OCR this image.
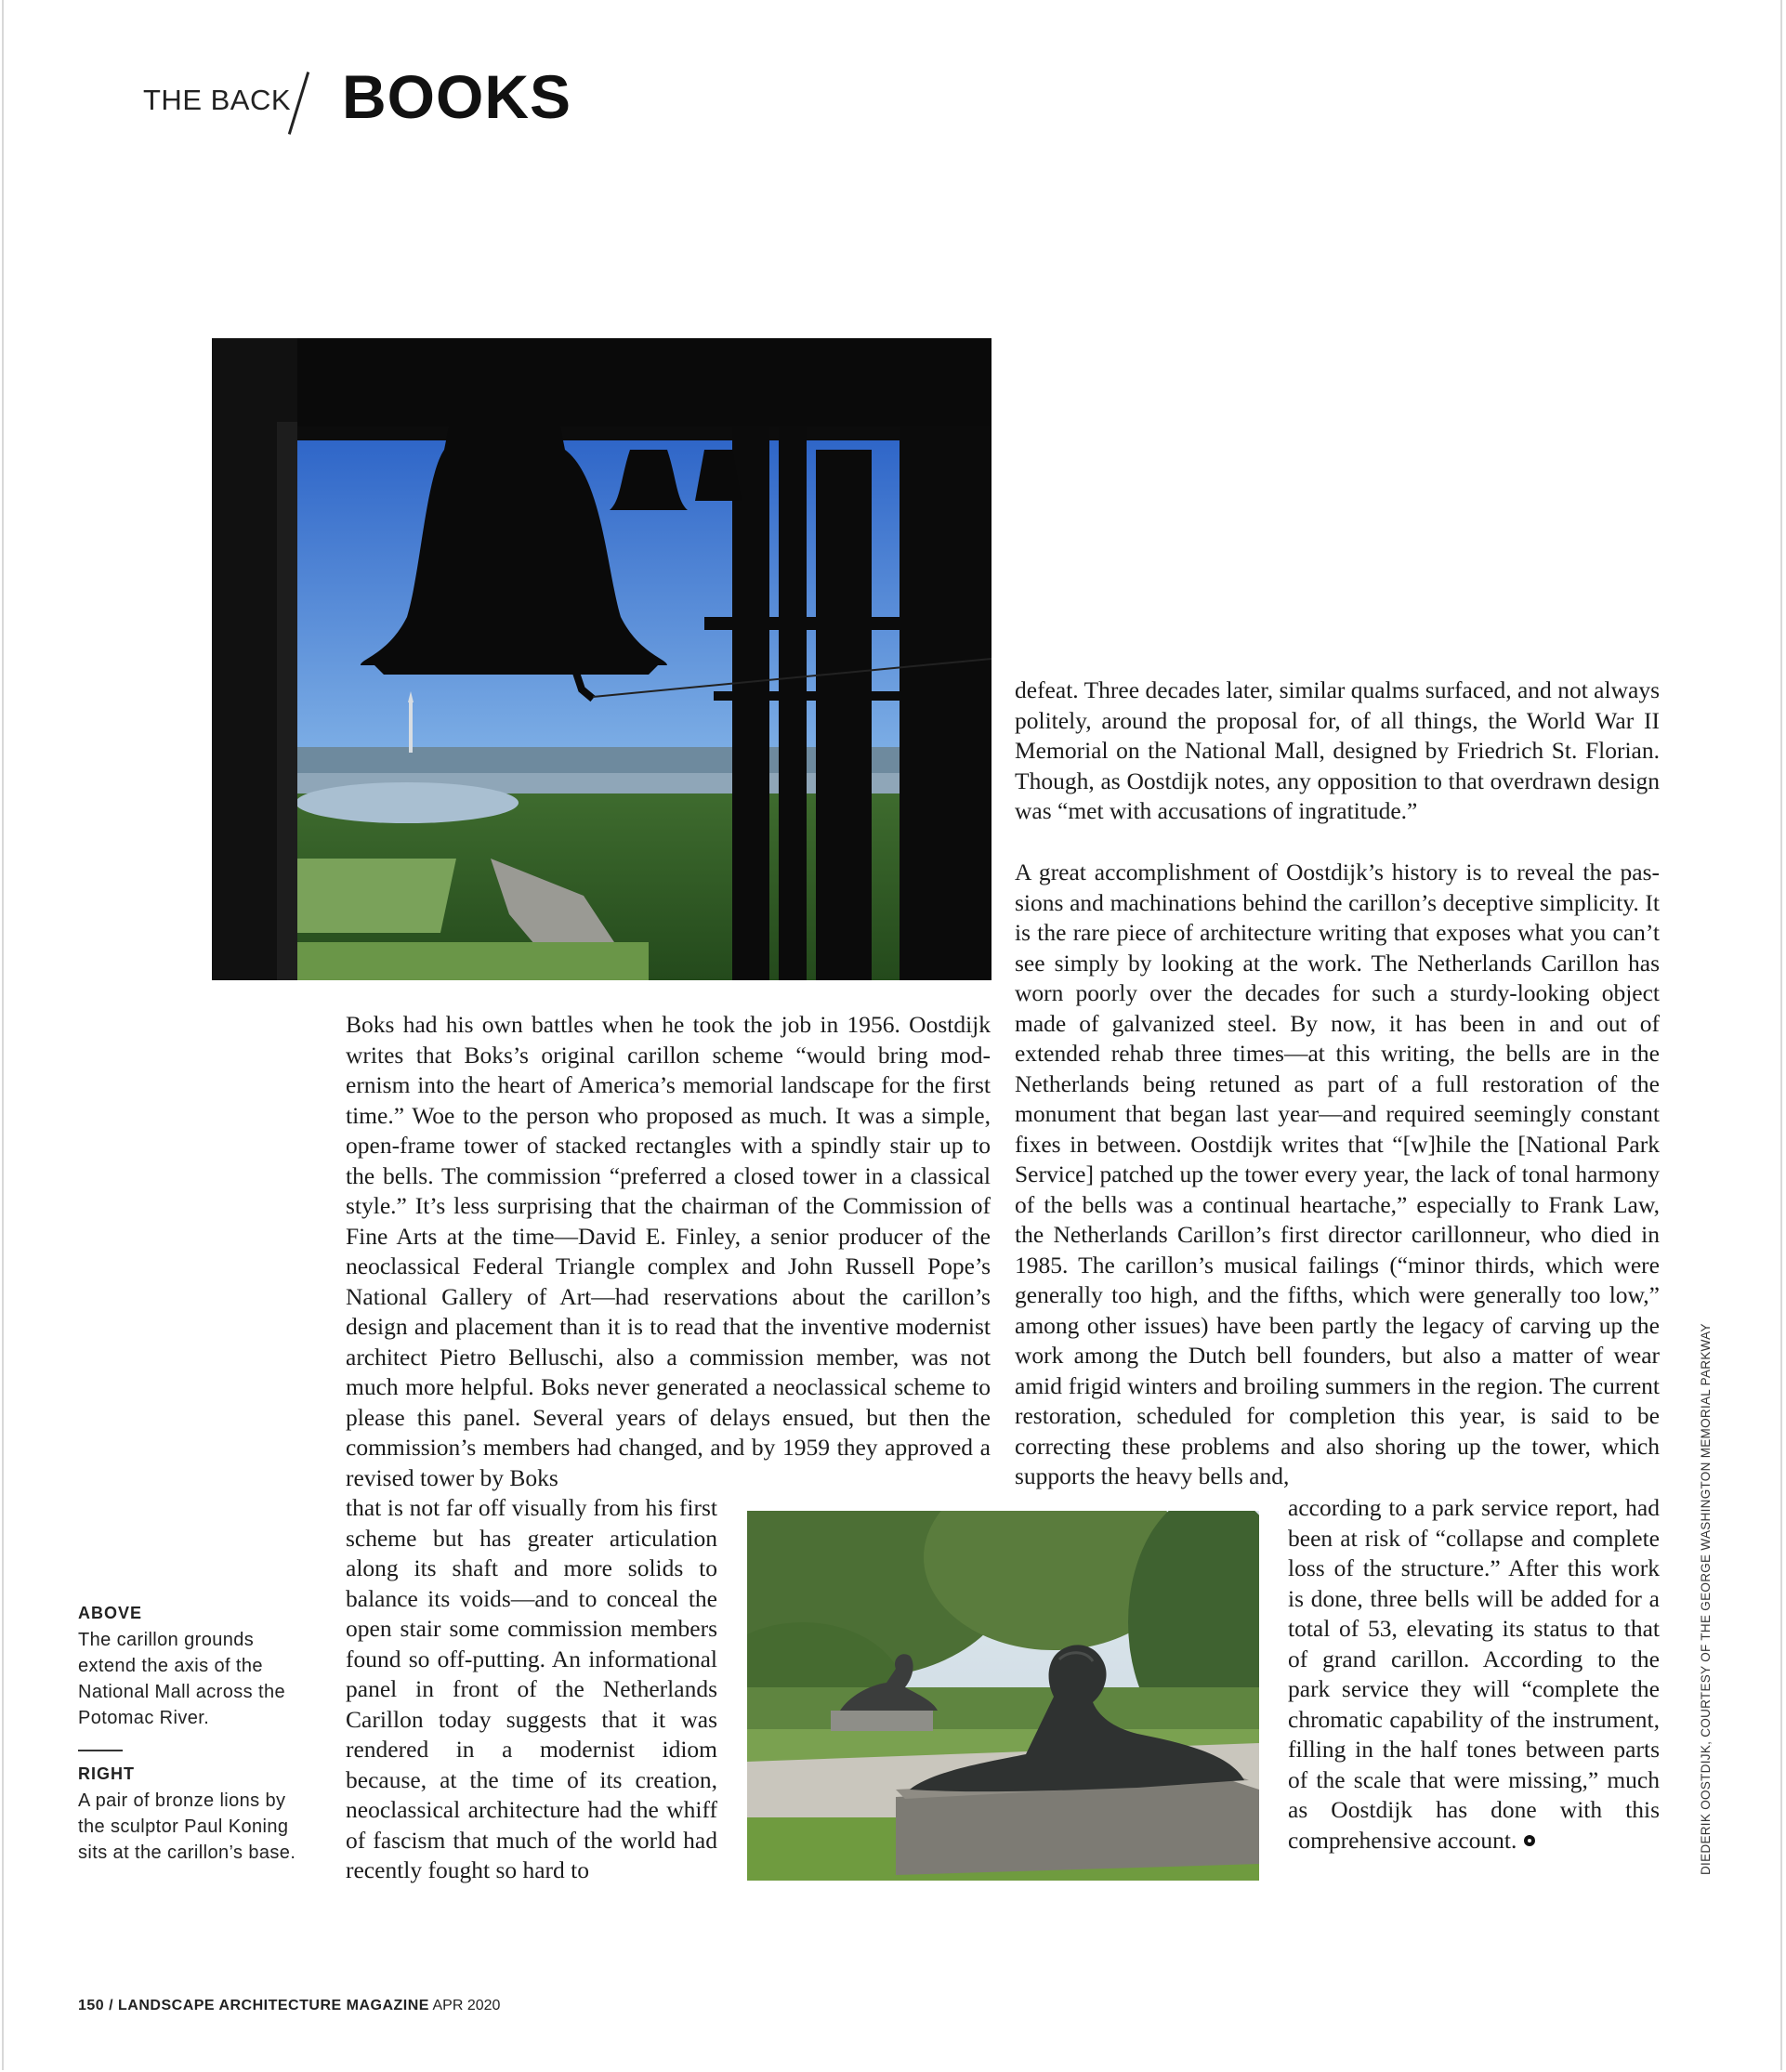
THE BACK BOOKS

Boks had his own battles when he took the job in 1956. Oostdijk writes that Boks’s original carillon scheme “would bring modernism into the heart of America’s memorial landscape for the first time.” Woe to the person who proposed as much. It was a simple, open-frame tower of stacked rectangles with a spindly stair up to the bells. The commission “preferred a closed tower in a classical style.” It’s less surprising that the chairman of the Commission of Fine Arts at the time—David E. Finley, a senior producer of the neoclassical Federal Triangle complex and John Russell Pope’s National Gallery of Art—had reservations about the carillon’s design and placement than it is to read that the inventive modernist architect Pietro Belluschi, also a commission member, was not much more helpful. Boks never generated a neoclassical scheme to please this panel. Several years of delays ensued, but then the commission’s members had changed, and by 1959 they approved a revised tower by Boks

that is not far off visually from his first scheme but has greater articulation along its shaft and more solids to balance its voids—and to conceal the open stair some commission members found so off-putting. An informational panel in front of the Netherlands Carillon today suggests that it was rendered in a modernist idiom because, at the time of its creation, neoclassical architecture had the whiff of fascism that much of the world had recently fought so hard to

defeat. Three decades later, similar qualms surfaced, and not always politely, around the proposal for, of all things, the World War II Memorial on the National Mall, designed by Friedrich St. Florian. Though, as Oostdijk notes, any opposition to that overdrawn design was “met with accusations of ingratitude.”

A great accomplishment of Oostdijk’s history is to reveal the passions and machinations behind the carillon’s deceptive simplicity. It is the rare piece of architecture writing that exposes what you can’t see simply by looking at the work. The Netherlands Carillon has worn poorly over the decades for such a sturdy-looking object made of galvanized steel. By now, it has been in and out of extended rehab three times—at this writing, the bells are in the Netherlands being retuned as part of a full restoration of the monument that began last year—and required seemingly constant fixes in between. Oostdijk writes that “[w]hile the [National Park Service] patched up the tower every year, the lack of tonal harmony of the bells was a continual heartache,” especially to Frank Law, the Netherlands Carillon’s first director carillonneur, who died in 1985. The carillon’s musical failings (“minor thirds, which were generally too high, and the fifths, which were generally too low,” among other issues) have been partly the legacy of carving up the work among the Dutch bell founders, but also a matter of wear amid frigid winters and broiling summers in the region. The current restoration, scheduled for completion this year, is said to be correcting these problems and also shoring up the tower, which supports the heavy bells and,

according to a park service report, had been at risk of “collapse and complete loss of the structure.” After this work is done, three bells will be added for a total of 53, elevating its status to that of grand carillon. According to the park service they will “complete the chromatic capability of the instrument, filling in the half tones between parts of the scale that were missing,” much as Oostdijk has done with this comprehensive account.

ABOVE

The carillon grounds extend the axis of the National Mall across the Potomac River.

RIGHT

A pair of bronze lions by the sculptor Paul Koning sits at the carillon’s base.	DIEDERIK OOSTDIJK, COURTESY OF THE GEORGE WASHINGTON MEMORIAL PARKWAY
150 / LANDSCAPE ARCHITECTURE MAGAZINE APR 2020
